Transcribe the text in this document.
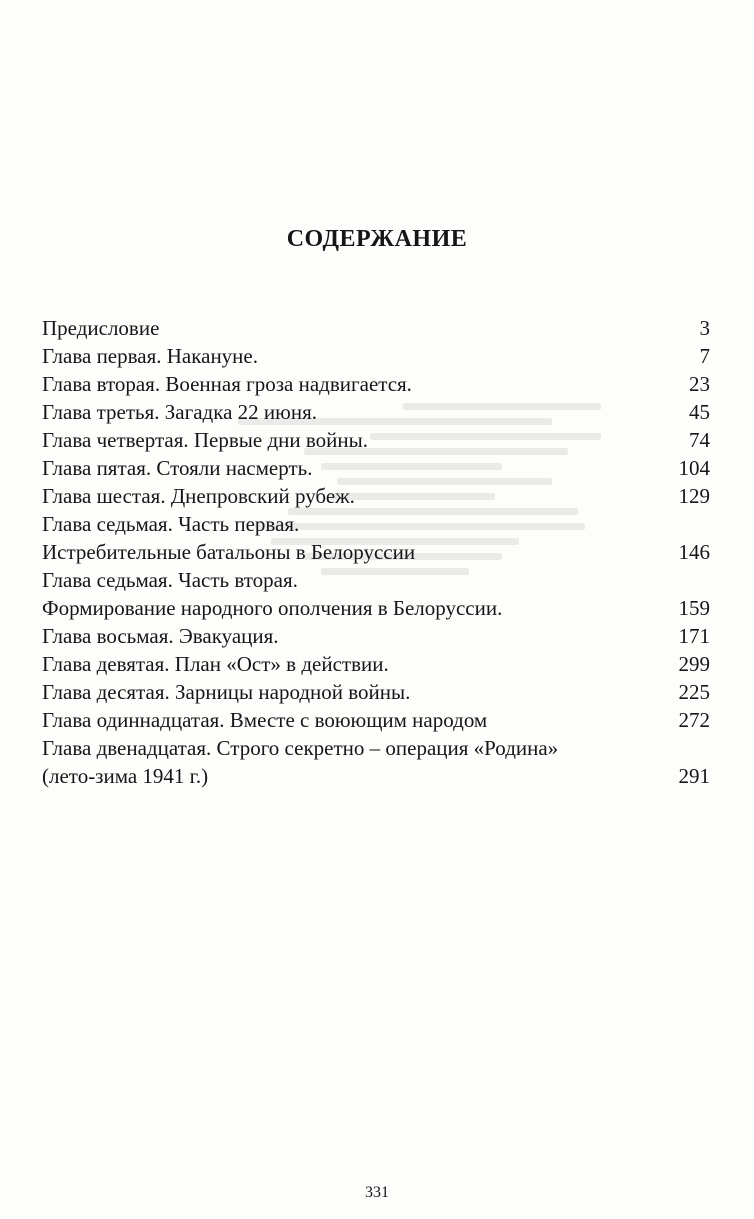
СОДЕРЖАНИЕ
Предисловие	3
Глава первая. Накануне.	7
Глава вторая. Военная гроза надвигается.	23
Глава третья. Загадка 22 июня.	45
Глава четвертая. Первые дни войны.	74
Глава пятая. Стояли насмерть.	104
Глава шестая. Днепровский рубеж.	129
Глава седьмая. Часть первая.
Истребительные батальоны в Белоруссии	146
Глава седьмая. Часть вторая.
Формирование народного ополчения в Белоруссии.	159
Глава восьмая. Эвакуация.	171
Глава девятая. План «Ост» в действии.	299
Глава десятая. Зарницы народной войны.	225
Глава одиннадцатая. Вместе с воюющим народом	272
Глава двенадцатая. Строго секретно – операция «Родина»
(лето-зима 1941 г.)	291

331
